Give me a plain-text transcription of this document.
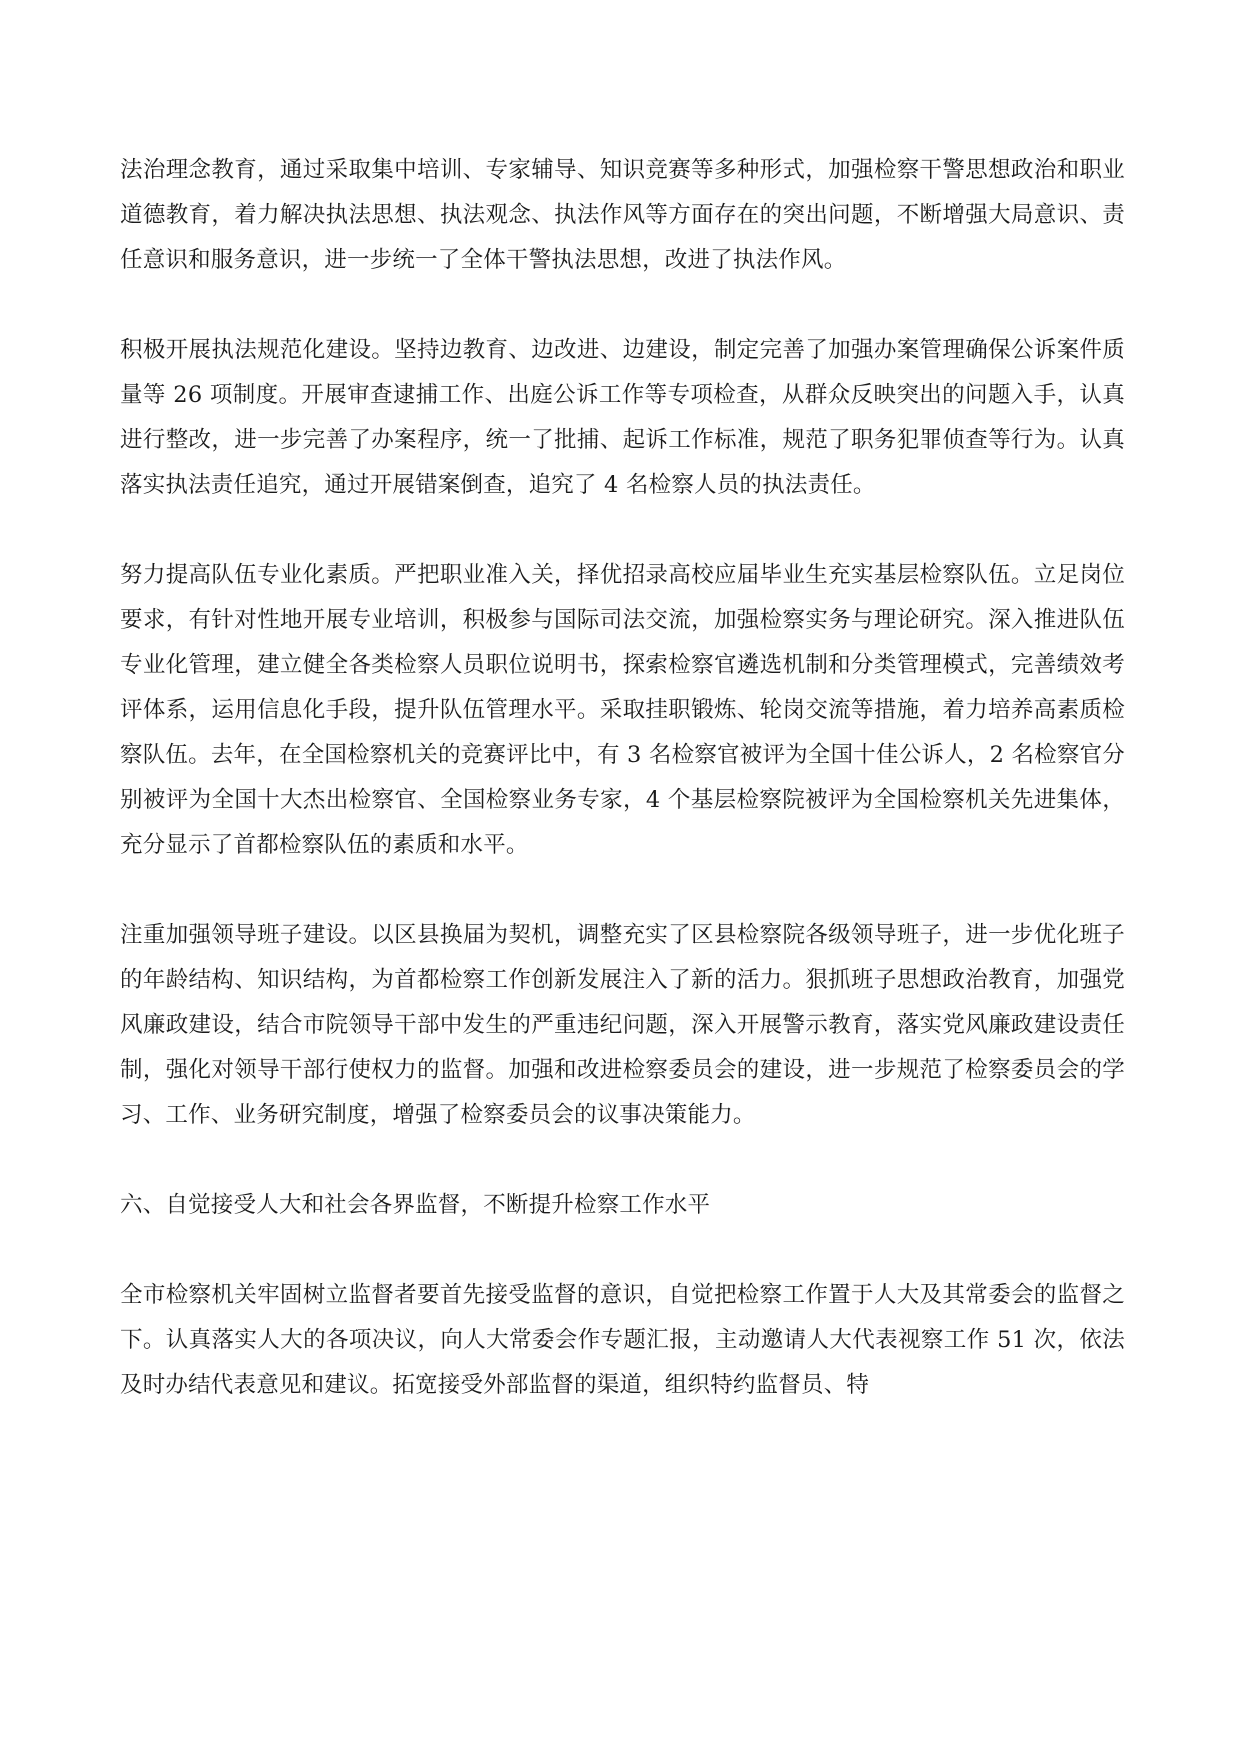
法治理念教育，通过采取集中培训、专家辅导、知识竞赛等多种形式，加强检察干警思想政治和职业道德教育，着力解决执法思想、执法观念、执法作风等方面存在的突出问题，不断增强大局意识、责任意识和服务意识，进一步统一了全体干警执法思想，改进了执法作风。

积极开展执法规范化建设。坚持边教育、边改进、边建设，制定完善了加强办案管理确保公诉案件质量等 26 项制度。开展审查逮捕工作、出庭公诉工作等专项检查，从群众反映突出的问题入手，认真进行整改，进一步完善了办案程序，统一了批捕、起诉工作标准，规范了职务犯罪侦查等行为。认真落实执法责任追究，通过开展错案倒查，追究了 4 名检察人员的执法责任。

努力提高队伍专业化素质。严把职业准入关，择优招录高校应届毕业生充实基层检察队伍。立足岗位要求，有针对性地开展专业培训，积极参与国际司法交流，加强检察实务与理论研究。深入推进队伍专业化管理，建立健全各类检察人员职位说明书，探索检察官遴选机制和分类管理模式，完善绩效考评体系，运用信息化手段，提升队伍管理水平。采取挂职锻炼、轮岗交流等措施，着力培养高素质检察队伍。去年，在全国检察机关的竞赛评比中，有 3 名检察官被评为全国十佳公诉人，2 名检察官分别被评为全国十大杰出检察官、全国检察业务专家，4 个基层检察院被评为全国检察机关先进集体，充分显示了首都检察队伍的素质和水平。

注重加强领导班子建设。以区县换届为契机，调整充实了区县检察院各级领导班子，进一步优化班子的年龄结构、知识结构，为首都检察工作创新发展注入了新的活力。狠抓班子思想政治教育，加强党风廉政建设，结合市院领导干部中发生的严重违纪问题，深入开展警示教育，落实党风廉政建设责任制，强化对领导干部行使权力的监督。加强和改进检察委员会的建设，进一步规范了检察委员会的学习、工作、业务研究制度，增强了检察委员会的议事决策能力。

六、自觉接受人大和社会各界监督，不断提升检察工作水平

全市检察机关牢固树立监督者要首先接受监督的意识，自觉把检察工作置于人大及其常委会的监督之下。认真落实人大的各项决议，向人大常委会作专题汇报，主动邀请人大代表视察工作 51 次，依法及时办结代表意见和建议。拓宽接受外部监督的渠道，组织特约监督员、特
